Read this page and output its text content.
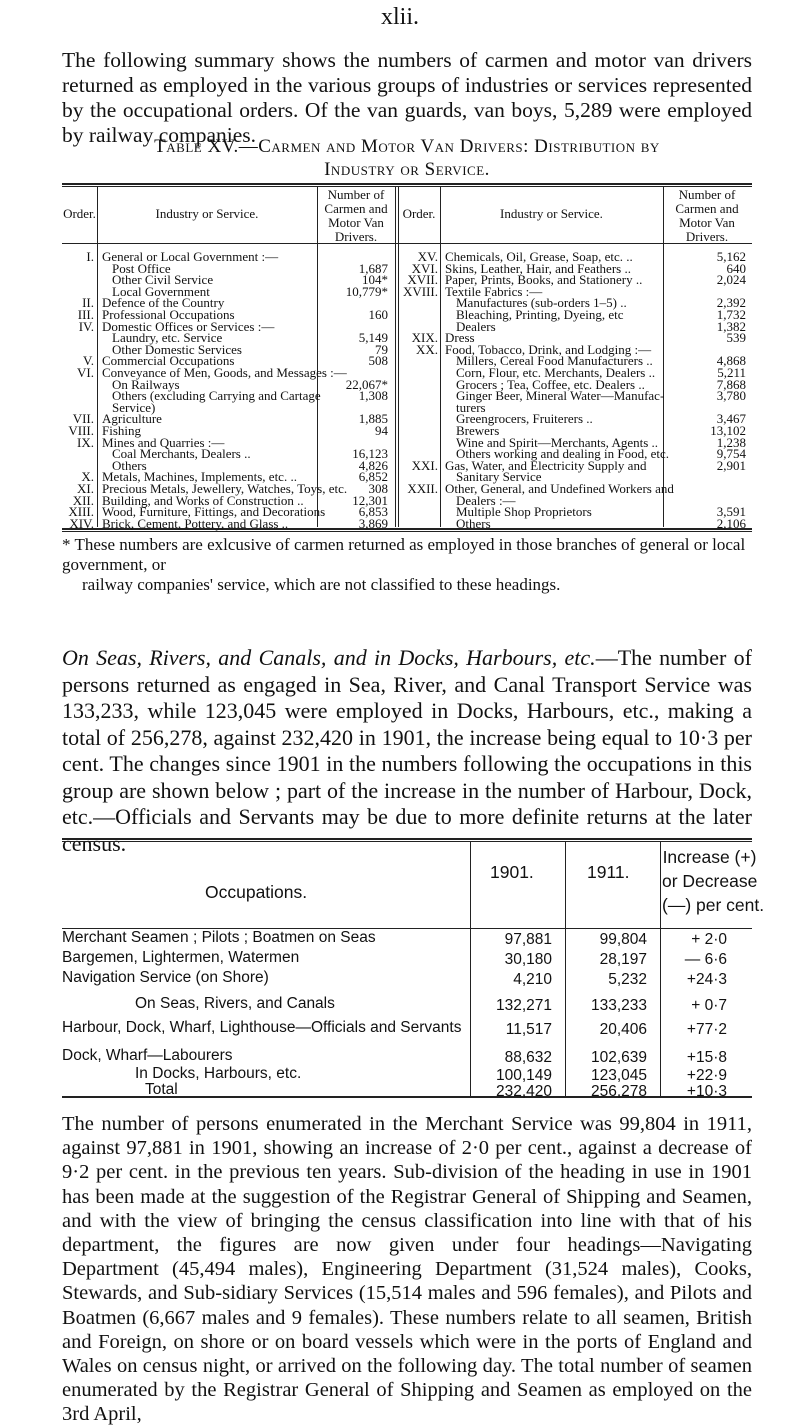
xlii.
The following summary shows the numbers of carmen and motor van drivers returned as employed in the various groups of industries or services represented by the occupational orders. Of the van guards, van boys, 5,289 were employed by railway companies.
Table XV.—Carmen and Motor Van Drivers: Distribution by
Industry or Service.
Order.	Industry or Service.
Number of
Carmen and
Motor Van
Drivers.
Order.	Industry or Service.
Number of
Carmen and
Motor Van
Drivers.
I. General or Local Government :—
Post Office	1,687
Other Civil Service	104*
Local Government	10,779*
II. Defence of the Country
III. Professional Occupations	160
IV. Domestic Offices or Services :—
Laundry, etc. Service	5,149
Other Domestic Services	79
V. Commercial Occupations	508
VI. Conveyance of Men, Goods, and Messages :—
On Railways	22,067*
Others (excluding Carrying and Cartage	1,308
Service)
VII. Agriculture	1,885
VIII. Fishing	94
IX. Mines and Quarries :—
Coal Merchants, Dealers ..	16,123
Others	4,826
X. Metals, Machines, Implements, etc. ..	6,852
XI. Precious Metals, Jewellery, Watches, Toys, etc.	308
XII. Building, and Works of Construction ..	12,301
XIII. Wood, Furniture, Fittings, and Decorations	6,853
XIV. Brick, Cement, Pottery, and Glass ..	3,869
XV. Chemicals, Oil, Grease, Soap, etc. ..	5,162
XVI. Skins, Leather, Hair, and Feathers ..	640
XVII. Paper, Prints, Books, and Stationery ..	2,024
XVIII. Textile Fabrics :—
Manufactures (sub-orders 1–5) ..	2,392
Bleaching, Printing, Dyeing, etc	1,732
Dealers	1,382
XIX. Dress	539
XX. Food, Tobacco, Drink, and Lodging :—
Millers, Cereal Food Manufacturers ..	4,868
Corn, Flour, etc. Merchants, Dealers ..	5,211
Grocers ; Tea, Coffee, etc. Dealers ..	7,868
Ginger Beer, Mineral Water—Manufac-	3,780
turers
Greengrocers, Fruiterers ..	3,467
Brewers	13,102
Wine and Spirit—Merchants, Agents ..	1,238
Others working and dealing in Food, etc.	9,754
XXI. Gas, Water, and Electricity Supply and	2,901
Sanitary Service
XXII. Other, General, and Undefined Workers and
Dealers :—
Multiple Shop Proprietors	3,591
Others	2,106
* These numbers are exlcusive of carmen returned as employed in those branches of general or local government, or
railway companies' service, which are not classified to these headings.
On Seas, Rivers, and Canals, and in Docks, Harbours, etc.—The number of persons returned as engaged in Sea, River, and Canal Transport Service was 133,233, while 123,045 were employed in Docks, Harbours, etc., making a total of 256,278, against 232,420 in 1901, the increase being equal to 10·3 per cent. The changes since 1901 in the numbers following the occupations in this group are shown below ; part of the increase in the number of Harbour, Dock, etc.—Officials and Servants may be due to more definite returns at the later census.
Occupations.
1901.	1911.
Increase (+)
or Decrease
(—) per cent.
Merchant Seamen ; Pilots ; Boatmen on Seas	97,881	99,804	+ 2·0
Bargemen, Lightermen, Watermen	30,180	28,197	— 6·6
Navigation Service (on Shore)	4,210	5,232	+24·3
On Seas, Rivers, and Canals	132,271	133,233	+ 0·7
Harbour, Dock, Wharf, Lighthouse—Officials and Servants	11,517	20,406	+77·2
Dock, Wharf—Labourers	88,632	102,639	+15·8
In Docks, Harbours, etc.	100,149	123,045	+22·9
Total	232,420	256,278	+10·3
The number of persons enumerated in the Merchant Service was 99,804 in 1911, against 97,881 in 1901, showing an increase of 2·0 per cent., against a decrease of 9·2 per cent. in the previous ten years. Sub-division of the heading in use in 1901 has been made at the suggestion of the Registrar General of Shipping and Seamen, and with the view of bringing the census classification into line with that of his department, the figures are now given under four headings—Navigating Department (45,494 males), Engineering Department (31,524 males), Cooks, Stewards, and Sub-sidiary Services (15,514 males and 596 females), and Pilots and Boatmen (6,667 males and 9 females). These numbers relate to all seamen, British and Foreign, on shore or on board vessels which were in the ports of England and Wales on census night, or arrived on the following day. The total number of seamen enumerated by the Registrar General of Shipping and Seamen as employed on the 3rd April,
